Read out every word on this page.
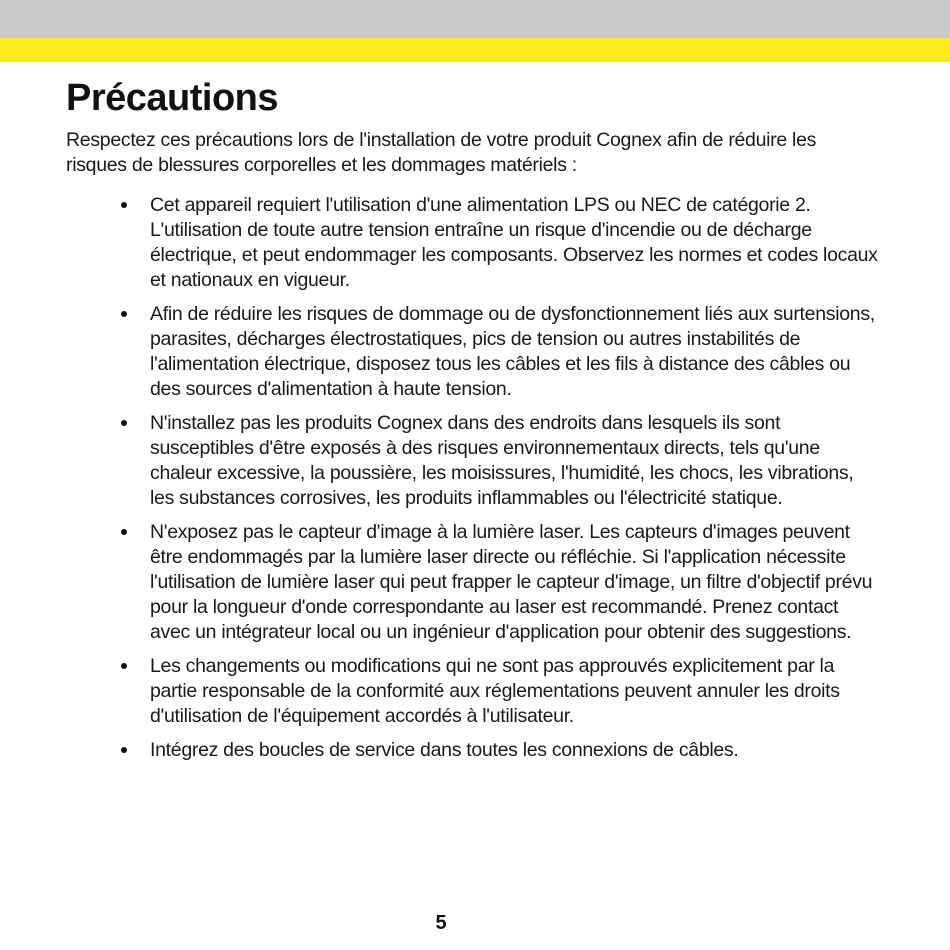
Précautions

Respectez ces précautions lors de l'installation de votre produit Cognex afin de réduire les risques de blessures corporelles et les dommages matériels :

Cet appareil requiert l'utilisation d'une alimentation LPS ou NEC de catégorie 2. L'utilisation de toute autre tension entraîne un risque d'incendie ou de décharge électrique, et peut endommager les composants. Observez les normes et codes locaux et nationaux en vigueur.
Afin de réduire les risques de dommage ou de dysfonctionnement liés aux surtensions, parasites, décharges électrostatiques, pics de tension ou autres instabilités de l'alimentation électrique, disposez tous les câbles et les fils à distance des câbles ou des sources d'alimentation à haute tension.
N'installez pas les produits Cognex dans des endroits dans lesquels ils sont susceptibles d'être exposés à des risques environnementaux directs, tels qu'une chaleur excessive, la poussière, les moisissures, l'humidité, les chocs, les vibrations, les substances corrosives, les produits inflammables ou l'électricité statique.
N'exposez pas le capteur d'image à la lumière laser. Les capteurs d'images peuvent être endommagés par la lumière laser directe ou réfléchie. Si l'application nécessite l'utilisation de lumière laser qui peut frapper le capteur d'image, un filtre d'objectif prévu pour la longueur d'onde correspondante au laser est recommandé. Prenez contact avec un intégrateur local ou un ingénieur d'application pour obtenir des suggestions.
Les changements ou modifications qui ne sont pas approuvés explicitement par la partie responsable de la conformité aux réglementations peuvent annuler les droits d'utilisation de l'équipement accordés à l'utilisateur.
Intégrez des boucles de service dans toutes les connexions de câbles.
5
